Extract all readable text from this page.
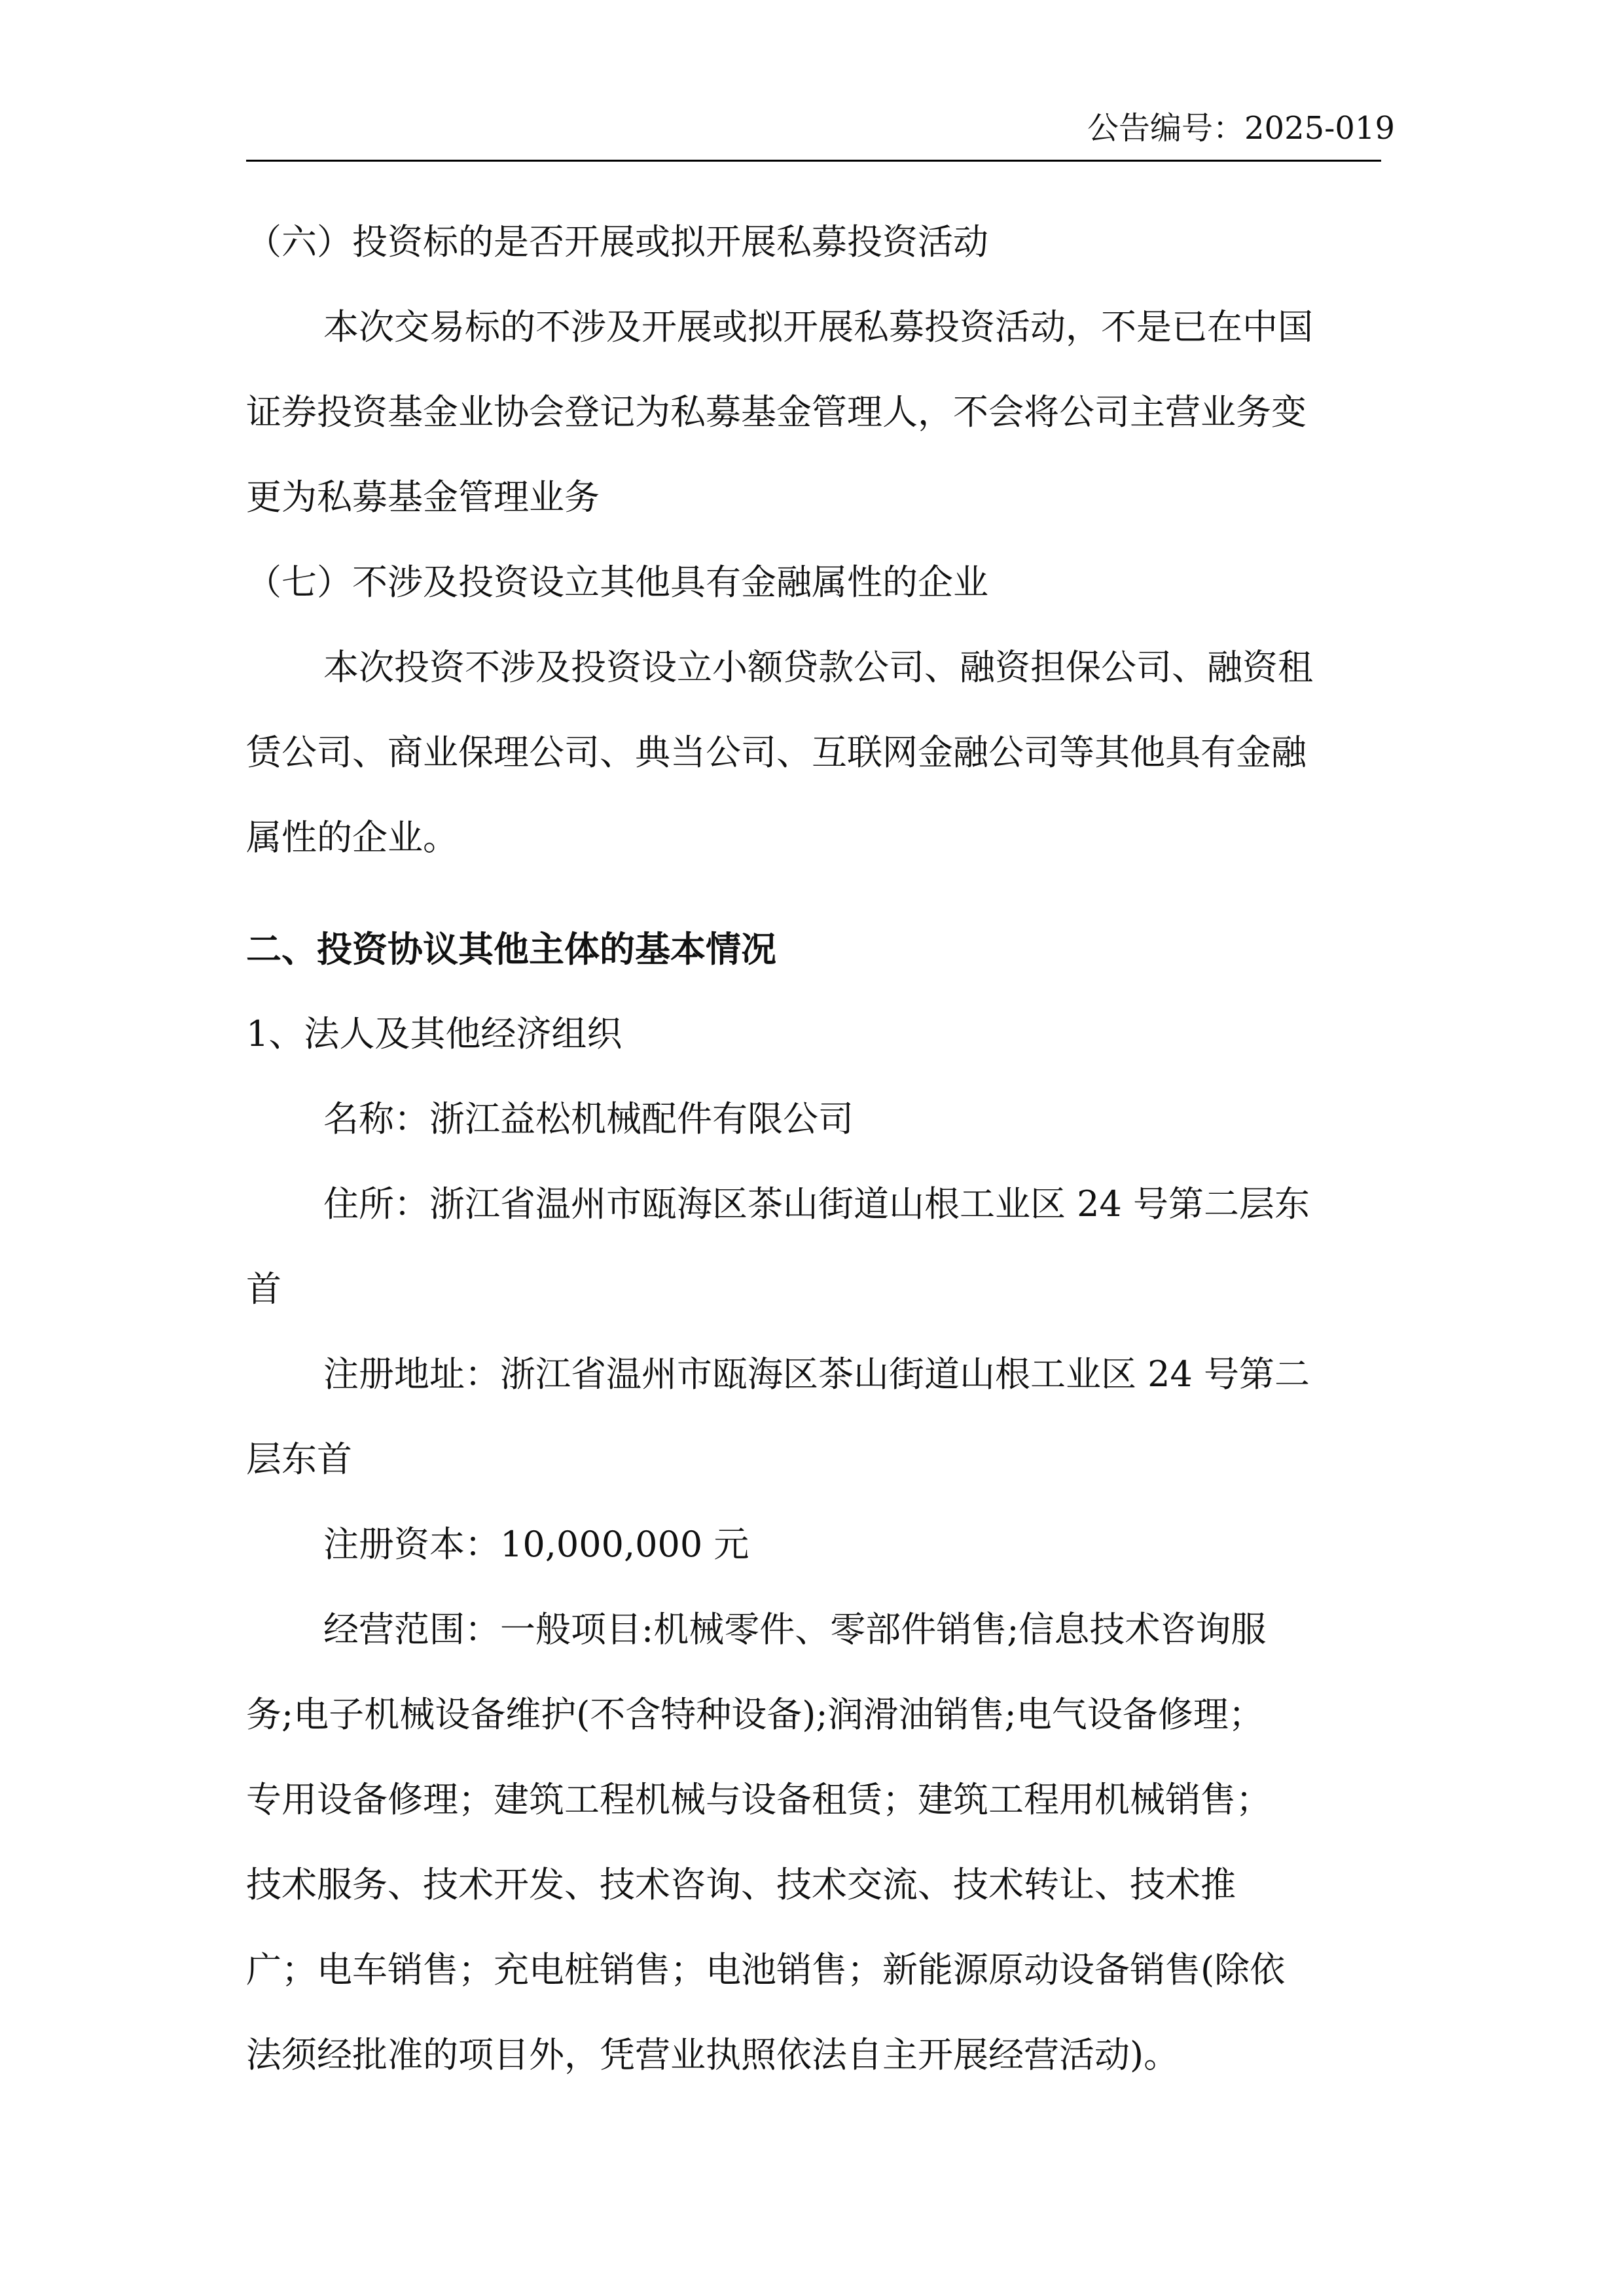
公告编号：2025-019
（六）投资标的是否开展或拟开展私募投资活动
本次交易标的不涉及开展或拟开展私募投资活动，不是已在中国
证券投资基金业协会登记为私募基金管理人，不会将公司主营业务变
更为私募基金管理业务
（七）不涉及投资设立其他具有金融属性的企业
本次投资不涉及投资设立小额贷款公司、融资担保公司、融资租
赁公司、商业保理公司、典当公司、互联网金融公司等其他具有金融
属性的企业。
二、投资协议其他主体的基本情况
1、法人及其他经济组织
名称：浙江益松机械配件有限公司
住所：浙江省温州市瓯海区茶山街道山根工业区 24 号第二层东
首
注册地址：浙江省温州市瓯海区茶山街道山根工业区 24 号第二
层东首
注册资本：10,000,000 元
经营范围：一般项目:机械零件、零部件销售;信息技术咨询服
务;电子机械设备维护(不含特种设备);润滑油销售;电气设备修理；
专用设备修理；建筑工程机械与设备租赁；建筑工程用机械销售；
技术服务、技术开发、技术咨询、技术交流、技术转让、技术推
广；电车销售；充电桩销售；电池销售；新能源原动设备销售(除依
法须经批准的项目外，凭营业执照依法自主开展经营活动)。
